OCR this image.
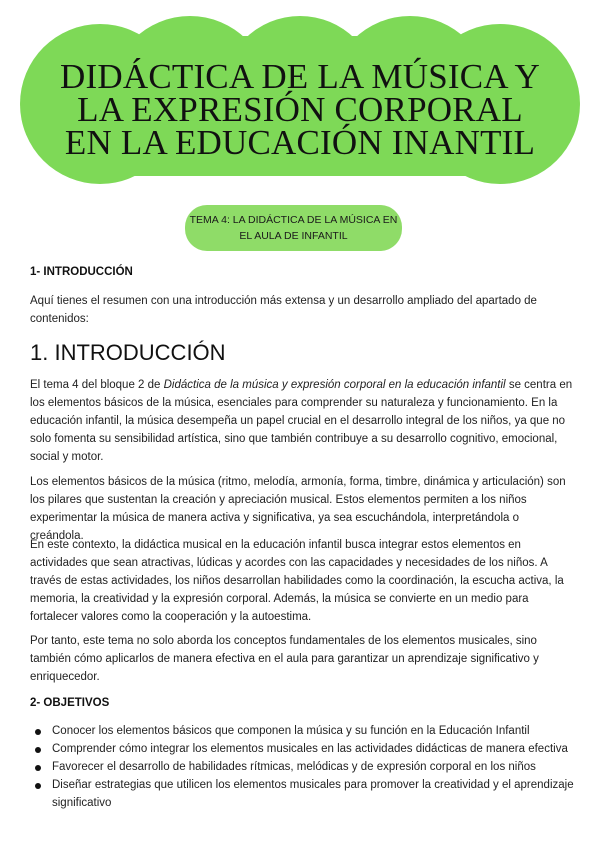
DIDÁCTICA DE LA MÚSICA Y
LA EXPRESIÓN CORPORAL
EN LA EDUCACIÓN INANTIL
TEMA 4: LA DIDÁCTICA DE LA MÚSICA EN
EL AULA DE INFANTIL
1- INTRODUCCIÓN
Aquí tienes el resumen con una introducción más extensa y un desarrollo ampliado del apartado de contenidos:
1. INTRODUCCIÓN
El tema 4 del bloque 2 de Didáctica de la música y expresión corporal en la educación infantil se centra en los elementos básicos de la música, esenciales para comprender su naturaleza y funcionamiento. En la educación infantil, la música desempeña un papel crucial en el desarrollo integral de los niños, ya que no solo fomenta su sensibilidad artística, sino que también contribuye a su desarrollo cognitivo, emocional, social y motor.
Los elementos básicos de la música (ritmo, melodía, armonía, forma, timbre, dinámica y articulación) son los pilares que sustentan la creación y apreciación musical. Estos elementos permiten a los niños experimentar la música de manera activa y significativa, ya sea escuchándola, interpretándola o creándola.
En este contexto, la didáctica musical en la educación infantil busca integrar estos elementos en actividades que sean atractivas, lúdicas y acordes con las capacidades y necesidades de los niños. A través de estas actividades, los niños desarrollan habilidades como la coordinación, la escucha activa, la memoria, la creatividad y la expresión corporal. Además, la música se convierte en un medio para fortalecer valores como la cooperación y la autoestima.
Por tanto, este tema no solo aborda los conceptos fundamentales de los elementos musicales, sino también cómo aplicarlos de manera efectiva en el aula para garantizar un aprendizaje significativo y enriquecedor.
2- OBJETIVOS
Conocer los elementos básicos que componen la música y su función en la Educación Infantil
Comprender cómo integrar los elementos musicales en las actividades didácticas de manera efectiva
Favorecer el desarrollo de habilidades rítmicas, melódicas y de expresión corporal en los niños
Diseñar estrategias que utilicen los elementos musicales para promover la creatividad y el aprendizaje significativo
